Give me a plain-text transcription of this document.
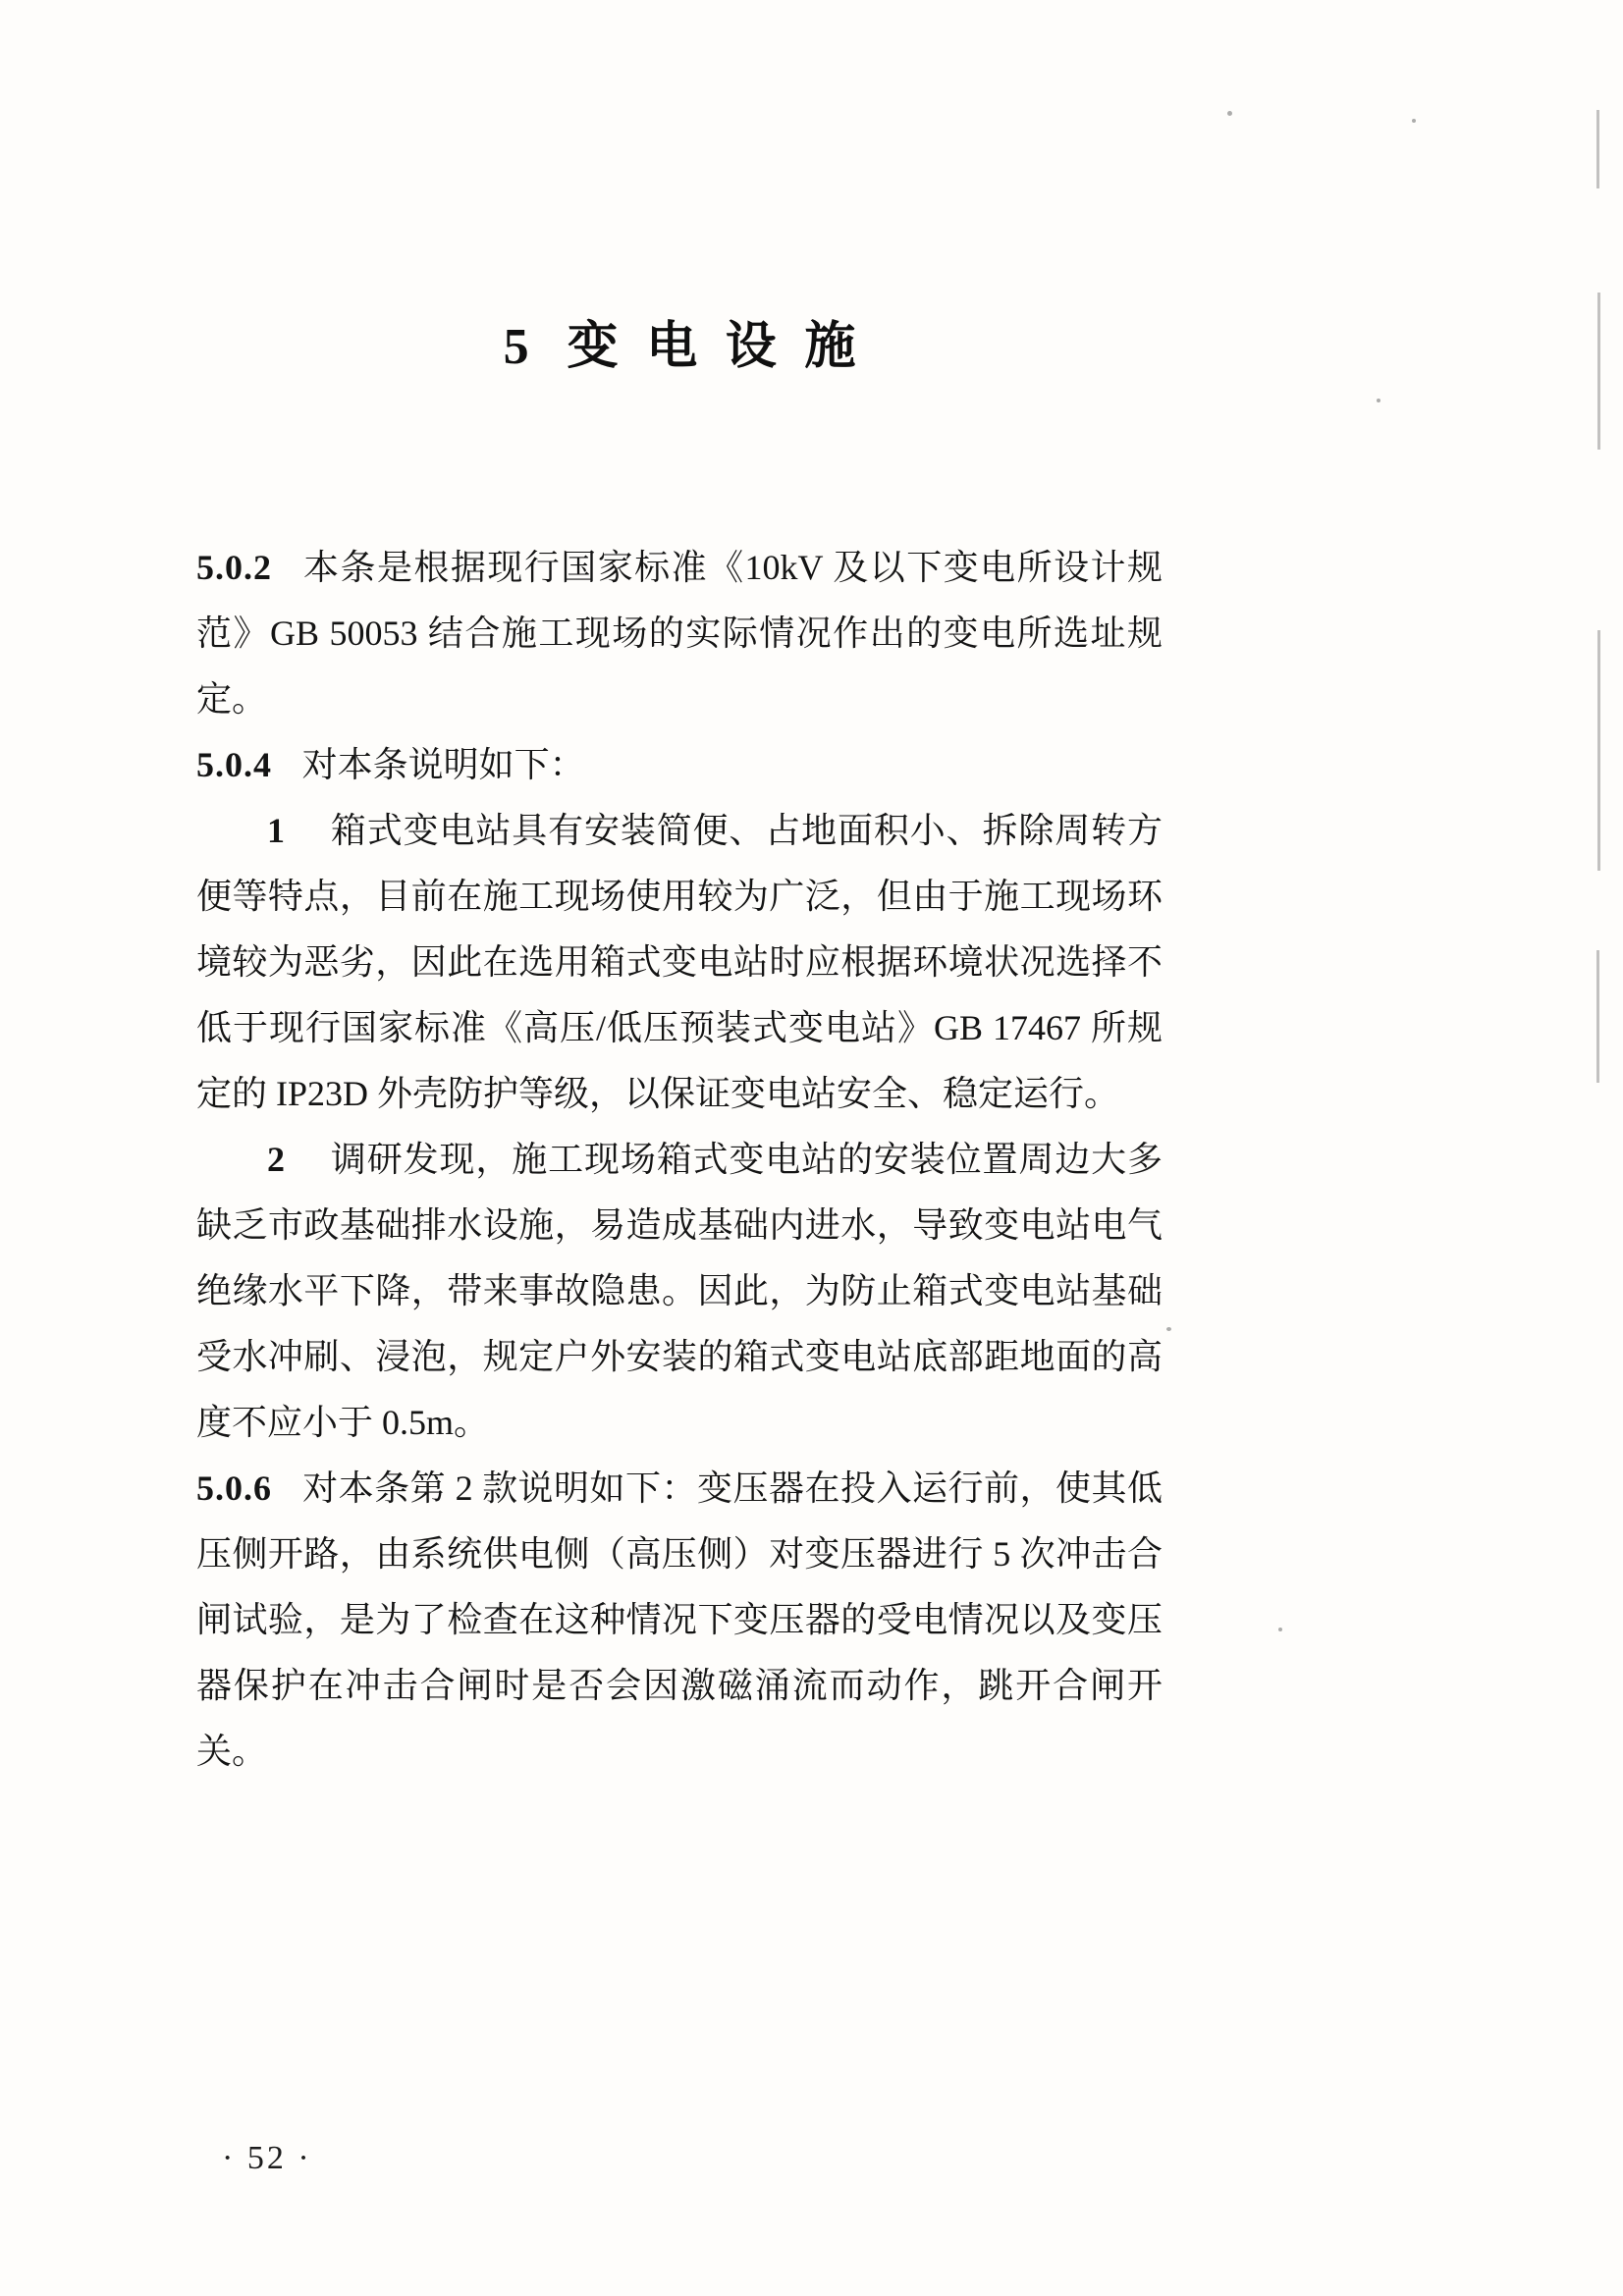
5 变电设施

5.0.2 本条是根据现行国家标准《10kV 及以下变电所设计规范》GB 50053 结合施工现场的实际情况作出的变电所选址规定。

5.0.4 对本条说明如下：

1 箱式变电站具有安装简便、占地面积小、拆除周转方便等特点，目前在施工现场使用较为广泛，但由于施工现场环境较为恶劣，因此在选用箱式变电站时应根据环境状况选择不低于现行国家标准《高压/低压预装式变电站》GB 17467 所规定的 IP23D 外壳防护等级，以保证变电站安全、稳定运行。

2 调研发现，施工现场箱式变电站的安装位置周边大多缺乏市政基础排水设施，易造成基础内进水，导致变电站电气绝缘水平下降，带来事故隐患。因此，为防止箱式变电站基础受水冲刷、浸泡，规定户外安装的箱式变电站底部距地面的高度不应小于 0.5m。

5.0.6 对本条第 2 款说明如下：变压器在投入运行前，使其低压侧开路，由系统供电侧（高压侧）对变压器进行 5 次冲击合闸试验，是为了检查在这种情况下变压器的受电情况以及变压器保护在冲击合闸时是否会因激磁涌流而动作，跳开合闸开关。

· 52 ·
